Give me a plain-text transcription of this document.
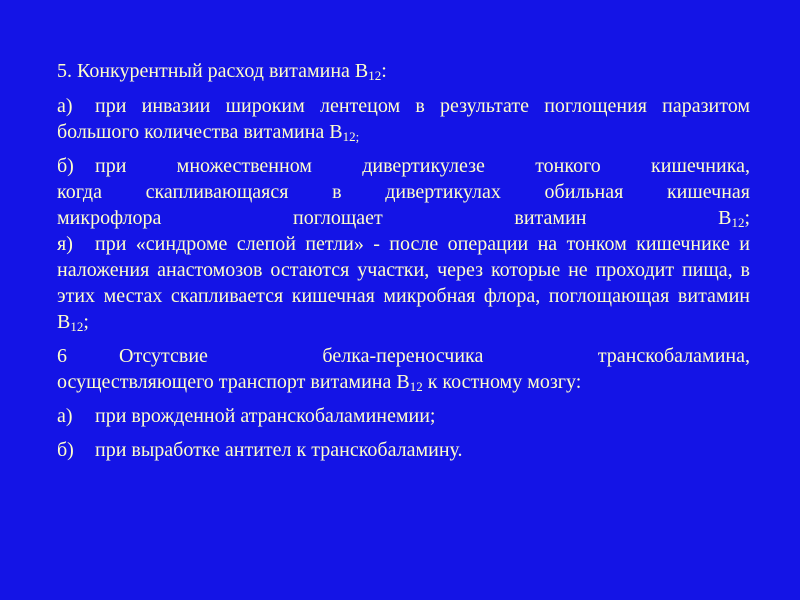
5. Конкурентный расход витамина $В_{12}$:
а) при инвазии широким лентецом в результате поглощения паразитом большого количества витамина $В_{12;}$
б) при множественном дивертикулезе тонкого кишечника,
когда скапливающаяся в дивертикулах обильная кишечная
микрофлора поглощает витамин $В_{12}$;
я) при «синдроме слепой петли» - после операции на тонком кишечнике и наложения анастомозов остаются участки, через которые не проходит пища, в этих местах скапливается кишечная микробная флора, поглощающая витамин $В_{12}$;
6	Отсутсвие белка-переносчика транскобаламина,
осуществляющего транспорт витамина $В_{12}$ к костному мозгу:
а) при врожденной атранскобаламинемии;
б) при выработке антител к транскобаламину.
